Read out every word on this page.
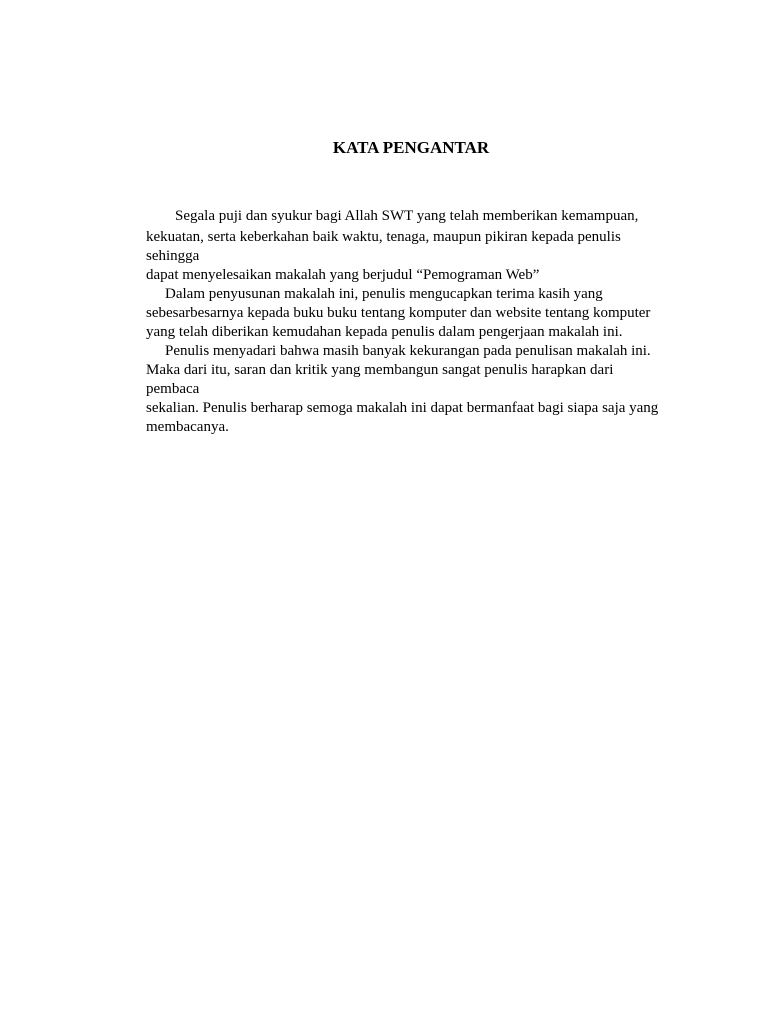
KATA PENGANTAR
Segala puji dan syukur bagi Allah SWT yang telah memberikan kemampuan,
kekuatan, serta keberkahan baik waktu, tenaga, maupun pikiran kepada penulis
sehingga
dapat menyelesaikan makalah yang berjudul “Pemograman Web”
Dalam penyusunan makalah ini, penulis mengucapkan terima kasih yang
sebesarbesarnya kepada buku buku tentang komputer dan website tentang komputer
yang telah diberikan kemudahan kepada penulis dalam pengerjaan makalah ini.
Penulis menyadari bahwa masih banyak kekurangan pada penulisan makalah ini.
Maka dari itu, saran dan kritik yang membangun sangat penulis harapkan dari
pembaca
sekalian. Penulis berharap semoga makalah ini dapat bermanfaat bagi siapa saja yang
membacanya.
